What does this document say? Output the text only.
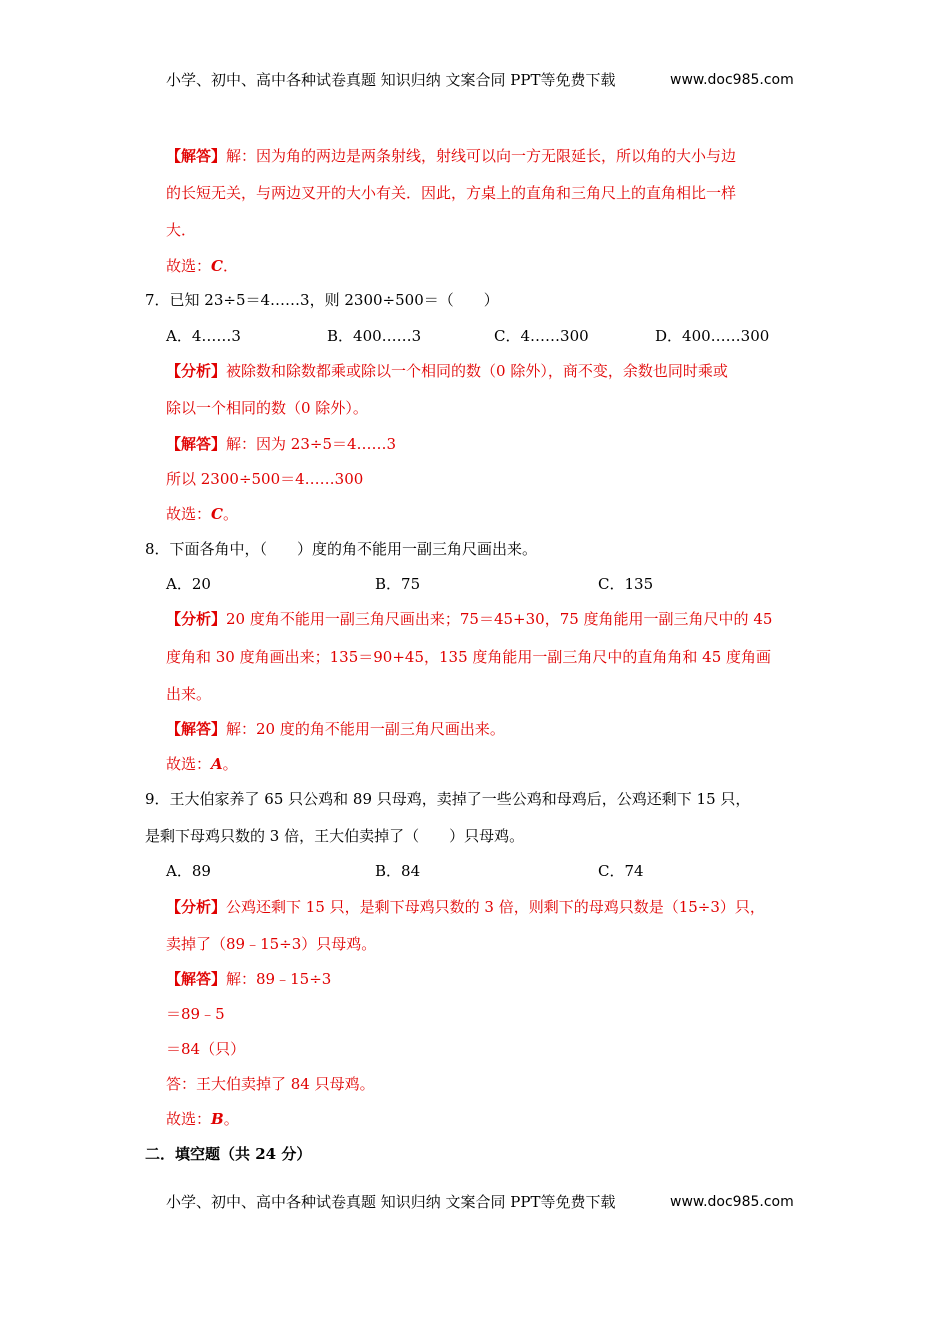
小学、初中、高中各种试卷真题 知识归纳 文案合同 PPT等免费下载	www.doc985.com
【解答】解：因为角的两边是两条射线，射线可以向一方无限延长，所以角的大小与边
的长短无关，与两边叉开的大小有关．因此，方桌上的直角和三角尺上的直角相比一样
大．
故选：C．
7．已知 23÷5＝4……3，则 2300÷500＝（　　）
A．4……3	B．400……3	C．4……300	D．400……300
【分析】被除数和除数都乘或除以一个相同的数（0 除外），商不变，余数也同时乘或
除以一个相同的数（0 除外）。
【解答】解：因为 23÷5＝4……3
所以 2300÷500＝4……300
故选：C。
8．下面各角中，（　　）度的角不能用一副三角尺画出来。
A．20	B．75	C．135
【分析】20 度角不能用一副三角尺画出来；75＝45+30，75 度角能用一副三角尺中的 45
度角和 30 度角画出来；135＝90+45，135 度角能用一副三角尺中的直角角和 45 度角画
出来。
【解答】解：20 度的角不能用一副三角尺画出来。
故选：A。
9．王大伯家养了 65 只公鸡和 89 只母鸡，卖掉了一些公鸡和母鸡后，公鸡还剩下 15 只，
是剩下母鸡只数的 3 倍，王大伯卖掉了（　　）只母鸡。
A．89	B．84	C．74
【分析】公鸡还剩下 15 只，是剩下母鸡只数的 3 倍，则剩下的母鸡只数是（15÷3）只，
卖掉了（89﹣15÷3）只母鸡。
【解答】解：89﹣15÷3
＝89﹣5
＝84（只）
答：王大伯卖掉了 84 只母鸡。
故选：B。
二．填空题（共 24 分）
小学、初中、高中各种试卷真题 知识归纳 文案合同 PPT等免费下载	www.doc985.com
